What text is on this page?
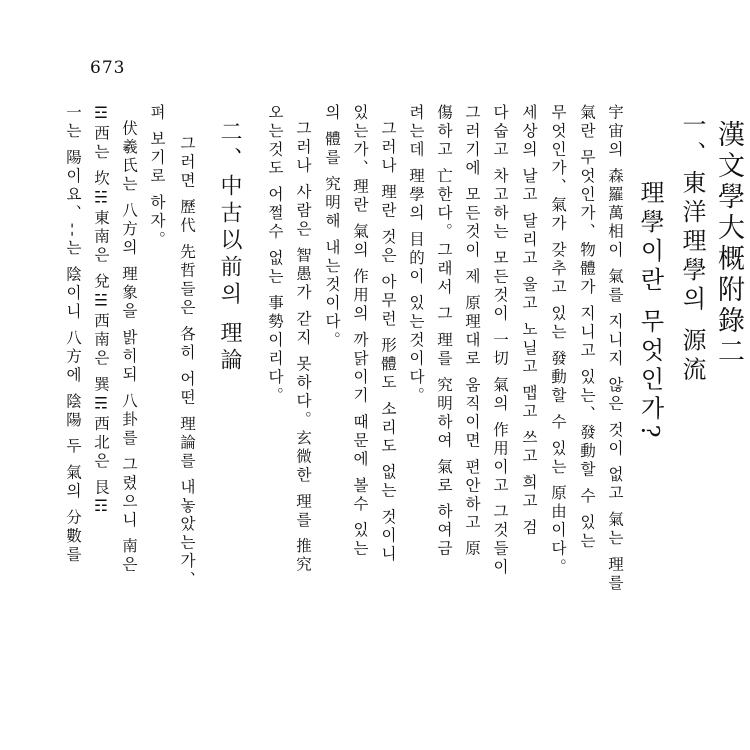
673
漢文學大概附錄二
一、東洋理學의 源流
理學이란 무엇인가?
宇宙의 森羅萬相이 氣를 지니지 않은 것이 없고 氣는 理를
氣란 무엇인가、物體가 지니고 있는、發動할 수 있는
무엇인가、氣가 갖추고 있는 發動할 수 있는 原由이다。
세상의 날고 달리고 울고 노닐고 맵고 쓰고 희고 검
다숩고 차고하는 모든것이 一切 氣의 作用이고 그것들이
그러기에 모든것이 제 原理대로 움직이면 편안하고 原
傷하고 亡한다。그래서 그 理를 究明하여 氣로 하여금
려는데 理學의 目的이 있는것이다。
그러나 理란 것은 아무런 形體도 소리도 없는 것이니
있는가、理란 氣의 作用의 까닭이기 때문에 볼수 있는
의 體를 究明해 내는것이다。
그러나 사람은 智愚가 갇지 못하다。玄微한 理를 推究
오는것도 어쩔수 없는 事勢이리다。
二、中古以前의 理論
그러면 歷代 先哲들은 各히 어떤 理論를 내놓았는가、
펴 보기로 하자。
伏羲氏는 八方의 理象을 밝히되 八卦를 그렸으니 南은
☲西는 坎☵東南은 兌☱西南은 巽☴西北은 艮☶
一는 陽이요、--는 陰이니 八方에 陰陽 두 氣의 分數를
